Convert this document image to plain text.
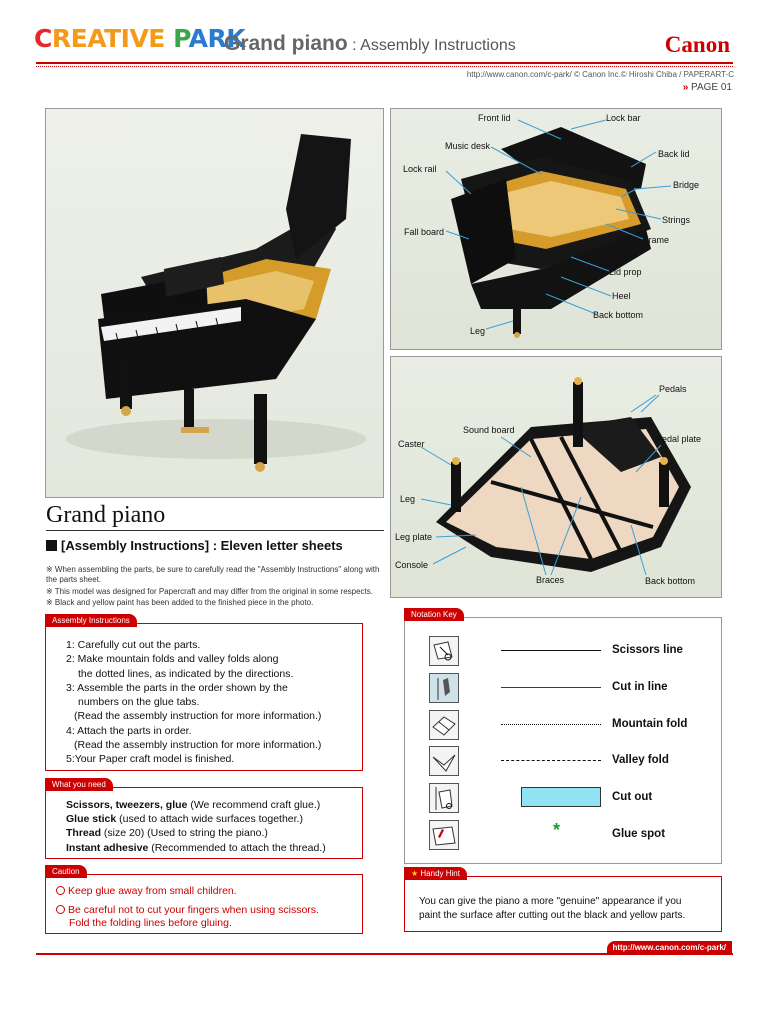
CREATIVE PARK
Grand piano : Assembly Instructions	Canon
http://www.canon.com/c-park/ © Canon Inc.© Hiroshi Chiba / PAPERART-C
» PAGE 01
Front lid	Lock bar
Music desk
Back lid
Lock rail
Bridge
Strings
Fall board
Frame
Lid prop
Heel
Back bottom
Leg
Pedals
Sound board
Caster	Pedal plate
Leg
Leg plate
Console
Braces	Back bottom
Grand piano
[Assembly Instructions] : Eleven letter sheets

※ When assembling the parts, be sure to carefully read the "Assembly Instructions" along with the parts sheet.

※ This model was designed for Papercraft and may differ from the original in some respects.

※ Black and yellow paint has been added to the finished piece in the photo.

Assembly Instructions
1: Carefully cut out the parts.
2: Make mountain folds and valley folds along
the dotted lines, as indicated by the directions.
3: Assemble the parts in the order shown by the
numbers on the glue tabs.
(Read the assembly instruction for more information.)
4: Attach the parts in order.
(Read the assembly instruction for more information.)
5:Your Paper craft model is finished.
What you need
Scissors, tweezers, glue (We recommend craft glue.)
Glue stick (used to attach wide surfaces together.)
Thread (size 20) (Used to string the piano.)
Instant adhesive (Recommended to attach the thread.)
Caution
Keep glue away from small children.
Be careful not to cut your fingers when using scissors.
Fold the folding lines before gluing.
Notation Key
Scissors line
Cut in line
Mountain fold
Valley fold
Cut out
*	Glue spot
★ Handy Hint
You can give the piano a more "genuine" appearance if you
paint the surface after cutting out the black and yellow parts.
http://www.canon.com/c-park/
